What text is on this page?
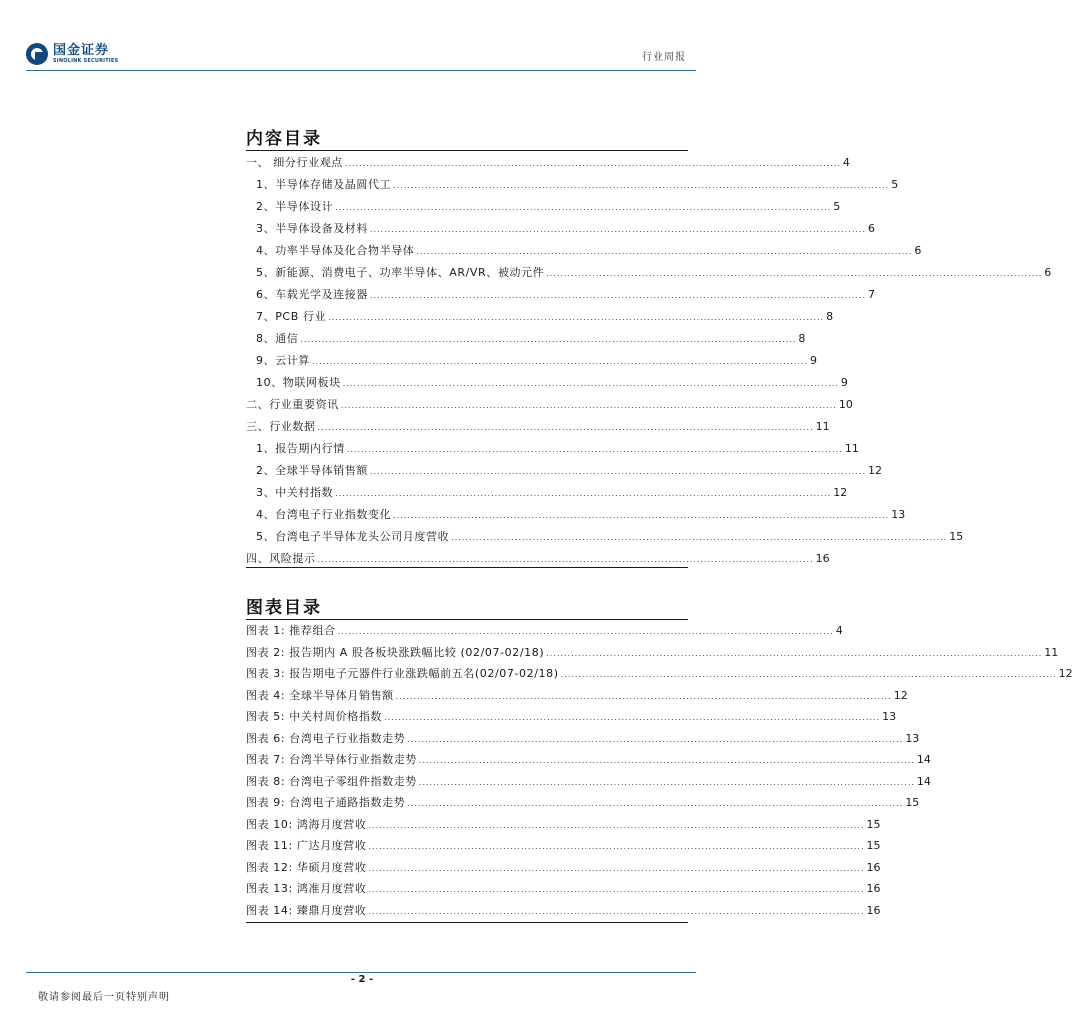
国金证券
SINOLINK SECURITIES	行业周报
内容目录
一、 细分行业观点 ............................................................................................................................................ 4
1、半导体存储及晶圆代工 ............................................................................................................................................ 5
2、半导体设计 ............................................................................................................................................ 5
3、半导体设备及材料 ............................................................................................................................................ 6
4、功率半导体及化合物半导体 ............................................................................................................................................ 6
5、新能源、消费电子、功率半导体、AR/VR、被动元件 ............................................................................................................................................ 6
6、车载光学及连接器 ............................................................................................................................................ 7
7、PCB 行业 ............................................................................................................................................ 8
8、通信 ............................................................................................................................................ 8
9、云计算 ............................................................................................................................................ 9
10、物联网板块 ............................................................................................................................................ 9
二、行业重要资讯 ............................................................................................................................................ 10
三、行业数据 ............................................................................................................................................ 11
1、报告期内行情 ............................................................................................................................................ 11
2、全球半导体销售额 ............................................................................................................................................ 12
3、中关村指数 ............................................................................................................................................ 12
4、台湾电子行业指数变化 ............................................................................................................................................ 13
5、台湾电子半导体龙头公司月度营收 ............................................................................................................................................ 15
四、风险提示 ............................................................................................................................................ 16
图表目录
图表 1: 推荐组合 ............................................................................................................................................ 4
图表 2: 报告期内 A 股各板块涨跌幅比较 (02/07-02/18) ............................................................................................................................................ 11
图表 3: 报告期电子元器件行业涨跌幅前五名(02/07-02/18) ............................................................................................................................................ 12
图表 4: 全球半导体月销售额 ............................................................................................................................................ 12
图表 5: 中关村周价格指数 ............................................................................................................................................ 13
图表 6: 台湾电子行业指数走势 ............................................................................................................................................ 13
图表 7: 台湾半导体行业指数走势 ............................................................................................................................................ 14
图表 8: 台湾电子零组件指数走势 ............................................................................................................................................ 14
图表 9: 台湾电子通路指数走势 ............................................................................................................................................ 15
图表 10: 鸿海月度营收 ............................................................................................................................................ 15
图表 11: 广达月度营收 ............................................................................................................................................ 15
图表 12: 华硕月度营收 ............................................................................................................................................ 16
图表 13: 鸿准月度营收 ............................................................................................................................................ 16
图表 14: 臻鼎月度营收 ............................................................................................................................................ 16
- 2 -
敬请参阅最后一页特别声明
